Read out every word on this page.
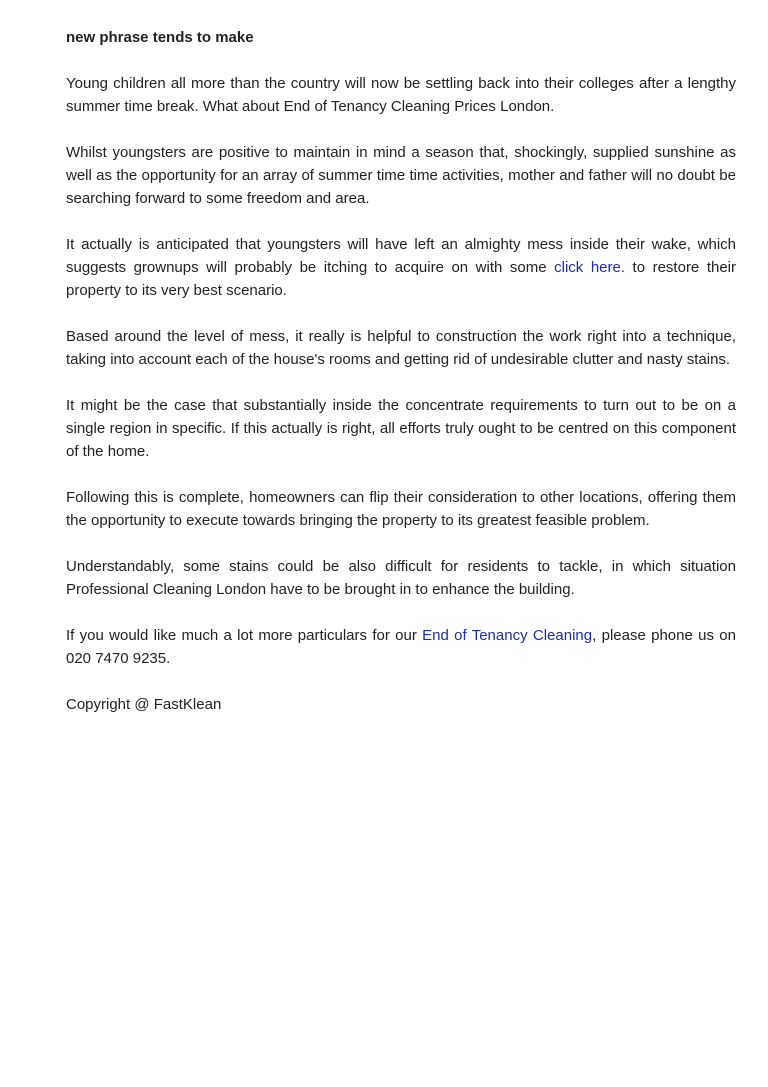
new phrase tends to make

Young children all more than the country will now be settling back into their colleges after a lengthy summer time break. What about End of Tenancy Cleaning Prices London.

Whilst youngsters are positive to maintain in mind a season that, shockingly, supplied sunshine as well as the opportunity for an array of summer time time activities, mother and father will no doubt be searching forward to some freedom and area.

It actually is anticipated that youngsters will have left an almighty mess inside their wake, which suggests grownups will probably be itching to acquire on with some click here. to restore their property to its very best scenario.

Based around the level of mess, it really is helpful to construction the work right into a technique, taking into account each of the house's rooms and getting rid of undesirable clutter and nasty stains.

It might be the case that substantially inside the concentrate requirements to turn out to be on a single region in specific. If this actually is right, all efforts truly ought to be centred on this component of the home.

Following this is complete, homeowners can flip their consideration to other locations, offering them the opportunity to execute towards bringing the property to its greatest feasible problem.

Understandably, some stains could be also difficult for residents to tackle, in which situation Professional Cleaning London have to be brought in to enhance the building.

If you would like much a lot more particulars for our End of Tenancy Cleaning, please phone us on 020 7470 9235.

Copyright @ FastKlean
